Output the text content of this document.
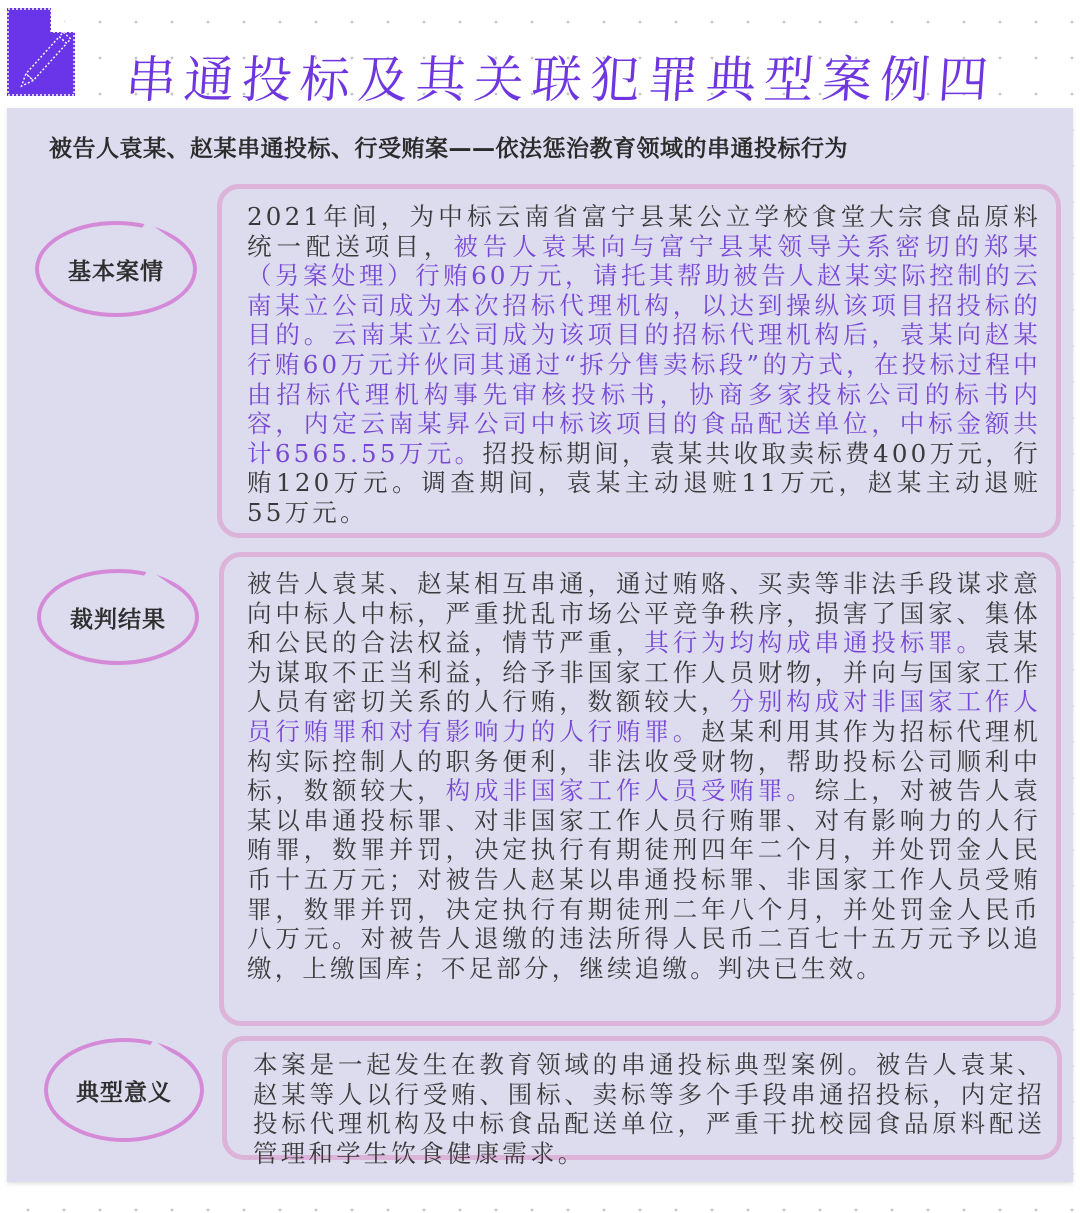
串通投标及其关联犯罪典型案例四
被告人袁某、赵某串通投标、行受贿案——依法惩治教育领域的串通投标行为
基本案情

2021年间，为中标云南省富宁县某公立学校食堂大宗食品原料统一配送项目，被告人袁某向与富宁县某领导关系密切的郑某（另案处理）行贿60万元，请托其帮助被告人赵某实际控制的云南某立公司成为本次招标代理机构，以达到操纵该项目招投标的目的。云南某立公司成为该项目的招标代理机构后，袁某向赵某行贿60万元并伙同其通过“拆分售卖标段”的方式，在投标过程中由招标代理机构事先审核投标书，协商多家投标公司的标书内容，内定云南某昇公司中标该项目的食品配送单位，中标金额共计6565.55万元。招投标期间，袁某共收取卖标费400万元，行贿120万元。调查期间，袁某主动退赃11万元，赵某主动退赃55万元。

裁判结果

被告人袁某、赵某相互串通，通过贿赂、买卖等非法手段谋求意向中标人中标，严重扰乱市场公平竞争秩序，损害了国家、集体和公民的合法权益，情节严重，其行为均构成串通投标罪。袁某为谋取不正当利益，给予非国家工作人员财物，并向与国家工作人员有密切关系的人行贿，数额较大，分别构成对非国家工作人员行贿罪和对有影响力的人行贿罪。赵某利用其作为招标代理机构实际控制人的职务便利，非法收受财物，帮助投标公司顺利中标，数额较大，构成非国家工作人员受贿罪。综上，对被告人袁某以串通投标罪、对非国家工作人员行贿罪、对有影响力的人行贿罪，数罪并罚，决定执行有期徒刑四年二个月，并处罚金人民币十五万元；对被告人赵某以串通投标罪、非国家工作人员受贿罪，数罪并罚，决定执行有期徒刑二年八个月，并处罚金人民币八万元。对被告人退缴的违法所得人民币二百七十五万元予以追缴，上缴国库；不足部分，继续追缴。判决已生效。

典型意义

本案是一起发生在教育领域的串通投标典型案例。被告人袁某、赵某等人以行受贿、围标、卖标等多个手段串通招投标，内定招投标代理机构及中标食品配送单位，严重干扰校园食品原料配送管理和学生饮食健康需求。
